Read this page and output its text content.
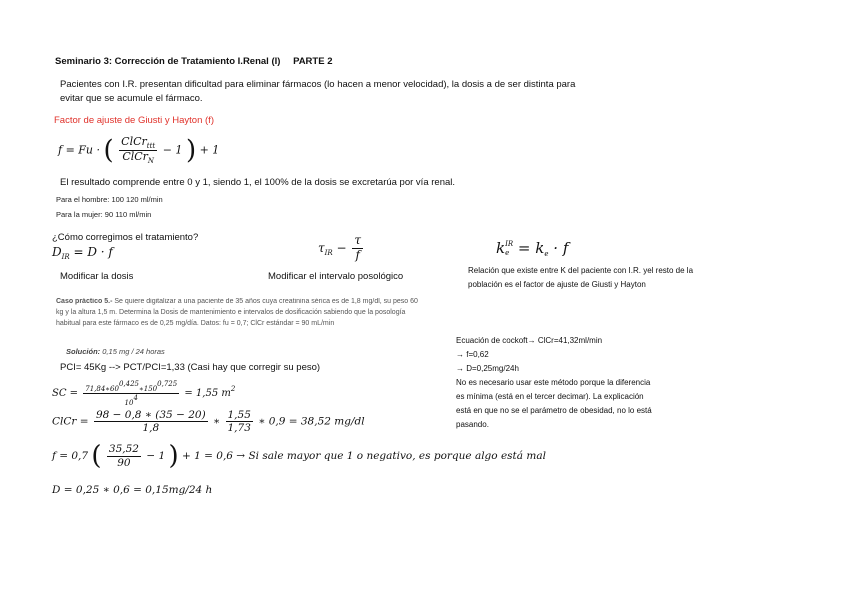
Seminario 3: Corrección de Tratamiento I.Renal (I) PARTE 2
Pacientes con I.R. presentan dificultad para eliminar fármacos (lo hacen a menor velocidad), la dosis a de ser distinta para
evitar que se acumule el fármaco.
Factor de ajuste de Giusti y Hayton (f)
f = Fu · ( $\frac{ClCr_{ttt}}{ClCr_N} - 1$ ) + 1
El resultado comprende entre 0 y 1, siendo 1, el 100% de la dosis se excretarúa por vía renal.
Para el hombre: 100 120 ml/min
Para la mujer: 90 110 ml/min
¿Cómo corregimos el tratamiento?
$D_{IR} = D \cdot f$	$\tau_{IR} - \frac{\tau}{f}$	k IR
$e = k_e \cdot f$
Modificar la dosis	Modificar el intervalo posológico
Relación que existe entre K del paciente con I.R. yel resto de la
población es el factor de ajuste de Giusti y Hayton
Caso práctico 5.- Se quiere digitalizar a una paciente de 35 años cuya creatinina sérica es de 1,8 mg/dl, su peso 60 kg y la altura 1,5 m. Determina la Dosis de mantenimiento e intervalos de dosificación sabiendo que la posología habitual para este fármaco es de 0,25 mg/día. Datos: fu = 0,7; ClCr estándar = 90 mL/min
Solución: 0,15 mg / 24 horas
PCI= 45Kg --> PCT/PCI=1,33 (Casi hay que corregir su peso)
SC = $\frac{71,84∗600,425∗1500,725}{104} = 1,55$ $m^2$
ClCr = $\frac{98 - 0,8 ∗ (35 - 20)}{1,8}$ ∗ $\frac{1,55}{1,73}$ ∗ 0,9 = 38,52 mg/dl
f = 0,7 ( $\frac{35,52}{90} - 1$ ) + 1 = 0,6 → Si sale mayor que 1 o negativo, es porque algo está mal
D = 0,25 ∗ 0,6 = 0,15mg/24 h
Ecuación de cockoft→ ClCr=41,32ml/min
→ f=0,62
→ D=0,25mg/24h
No es necesario usar este método porque la diferencia
es mínima (está en el tercer decimar). La explicación
está en que no se el parámetro de obesidad, no lo está
pasando.
